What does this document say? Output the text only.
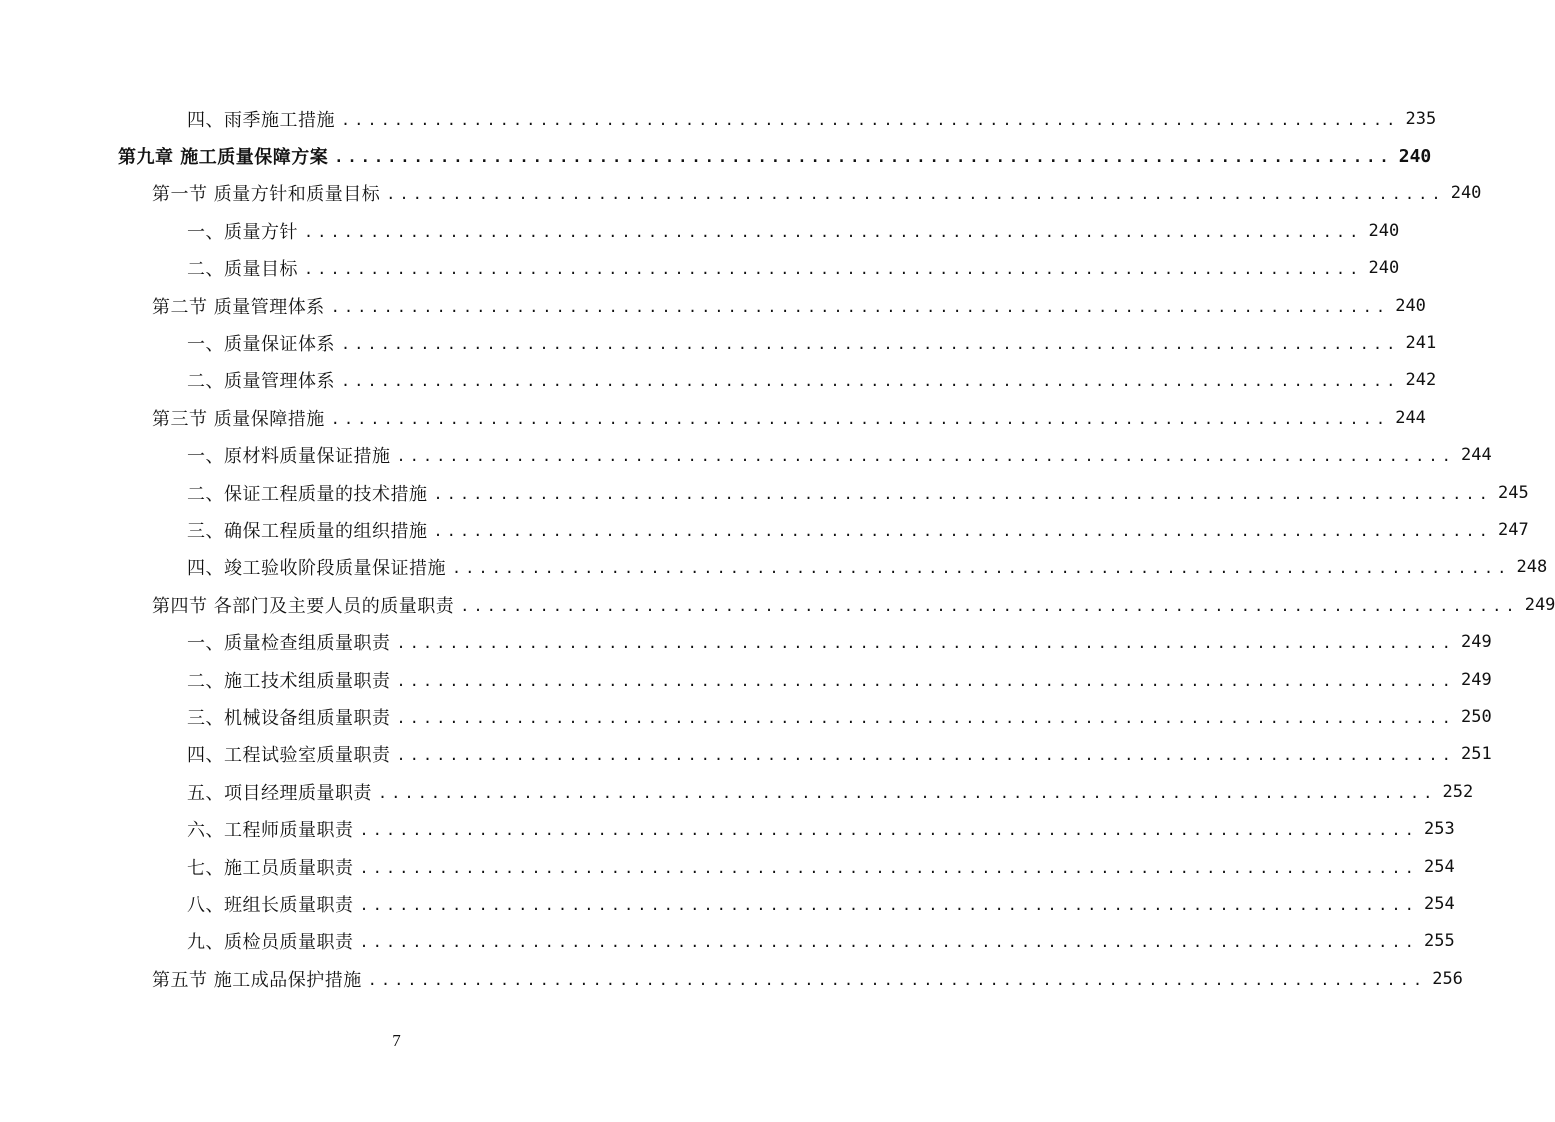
四、雨季施工措施 ................................................................................ 235
第九章 施工质量保障方案 ................................................................................ 240
第一节 质量方针和质量目标 ................................................................................ 240
一、质量方针 ................................................................................ 240
二、质量目标 ................................................................................ 240
第二节 质量管理体系 ................................................................................ 240
一、质量保证体系 ................................................................................ 241
二、质量管理体系 ................................................................................ 242
第三节 质量保障措施 ................................................................................ 244
一、原材料质量保证措施 ................................................................................ 244
二、保证工程质量的技术措施 ................................................................................ 245
三、确保工程质量的组织措施 ................................................................................ 247
四、竣工验收阶段质量保证措施 ................................................................................ 248
第四节 各部门及主要人员的质量职责 ................................................................................ 249
一、质量检查组质量职责 ................................................................................ 249
二、施工技术组质量职责 ................................................................................ 249
三、机械设备组质量职责 ................................................................................ 250
四、工程试验室质量职责 ................................................................................ 251
五、项目经理质量职责 ................................................................................ 252
六、工程师质量职责 ................................................................................ 253
七、施工员质量职责 ................................................................................ 254
八、班组长质量职责 ................................................................................ 254
九、质检员质量职责 ................................................................................ 255
第五节 施工成品保护措施 ................................................................................ 256
7
